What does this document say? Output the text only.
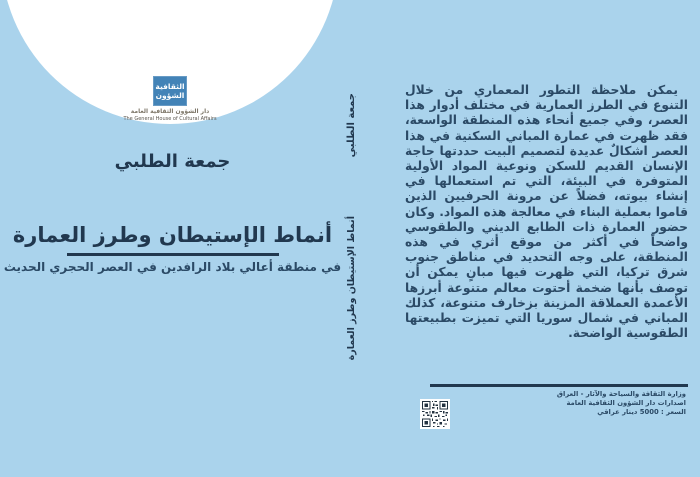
الثقافية
الشؤون
دار الشؤون الثقافية العامة
The General House of Cultural Affairs
جمعة الطلبي
أنماط الإستيطان وطرز العمارة
في منطقة أعالي بلاد الرافدين في العصر الحجري الحديث
جمعة الطلبي
أنماط الإستيطان وطرز العمارة
يمكن ملاحظة التطور المعماري من خلال التنوع في الطرز العمارية في مختلف أدوار هذا العصر، وفي جميع أنحاء هذه المنطقة الواسعة، فقد ظهرت في عمارة المباني السكنية في هذا العصر اشكالٌ عديدة لتصميم البيت حددتها حاجة الإنسان القديم للسكن ونوعية المواد الأولية المتوفرة في البيئة، التي تم استعمالها في إنشاء بيوته، فضلاً عن مرونة الحرفيين الذين قاموا بعملية البناء في معالجة هذه المواد. وكان حضور العمارة ذات الطابع الديني والطقوسي واضحاً في أكثر من موقع أثري في هذه المنطقة، على وجه التحديد في مناطق جنوب شرق تركيا، التي ظهرت فيها مبانٍ يمكن أن توصف بأنها ضخمة أحتوت معالم متنوعة أبرزها الأعمدة العملاقة المزينة بزخارف متنوعة، كذلك المباني في شمال سوريا التي تميزت بطبيعتها الطقوسية الواضحة.
وزارة الثقافة والسياحة والآثار - العراق
اصدارات دار الشؤون الثقافية العامة
السعر : 5000 دينار عراقي
